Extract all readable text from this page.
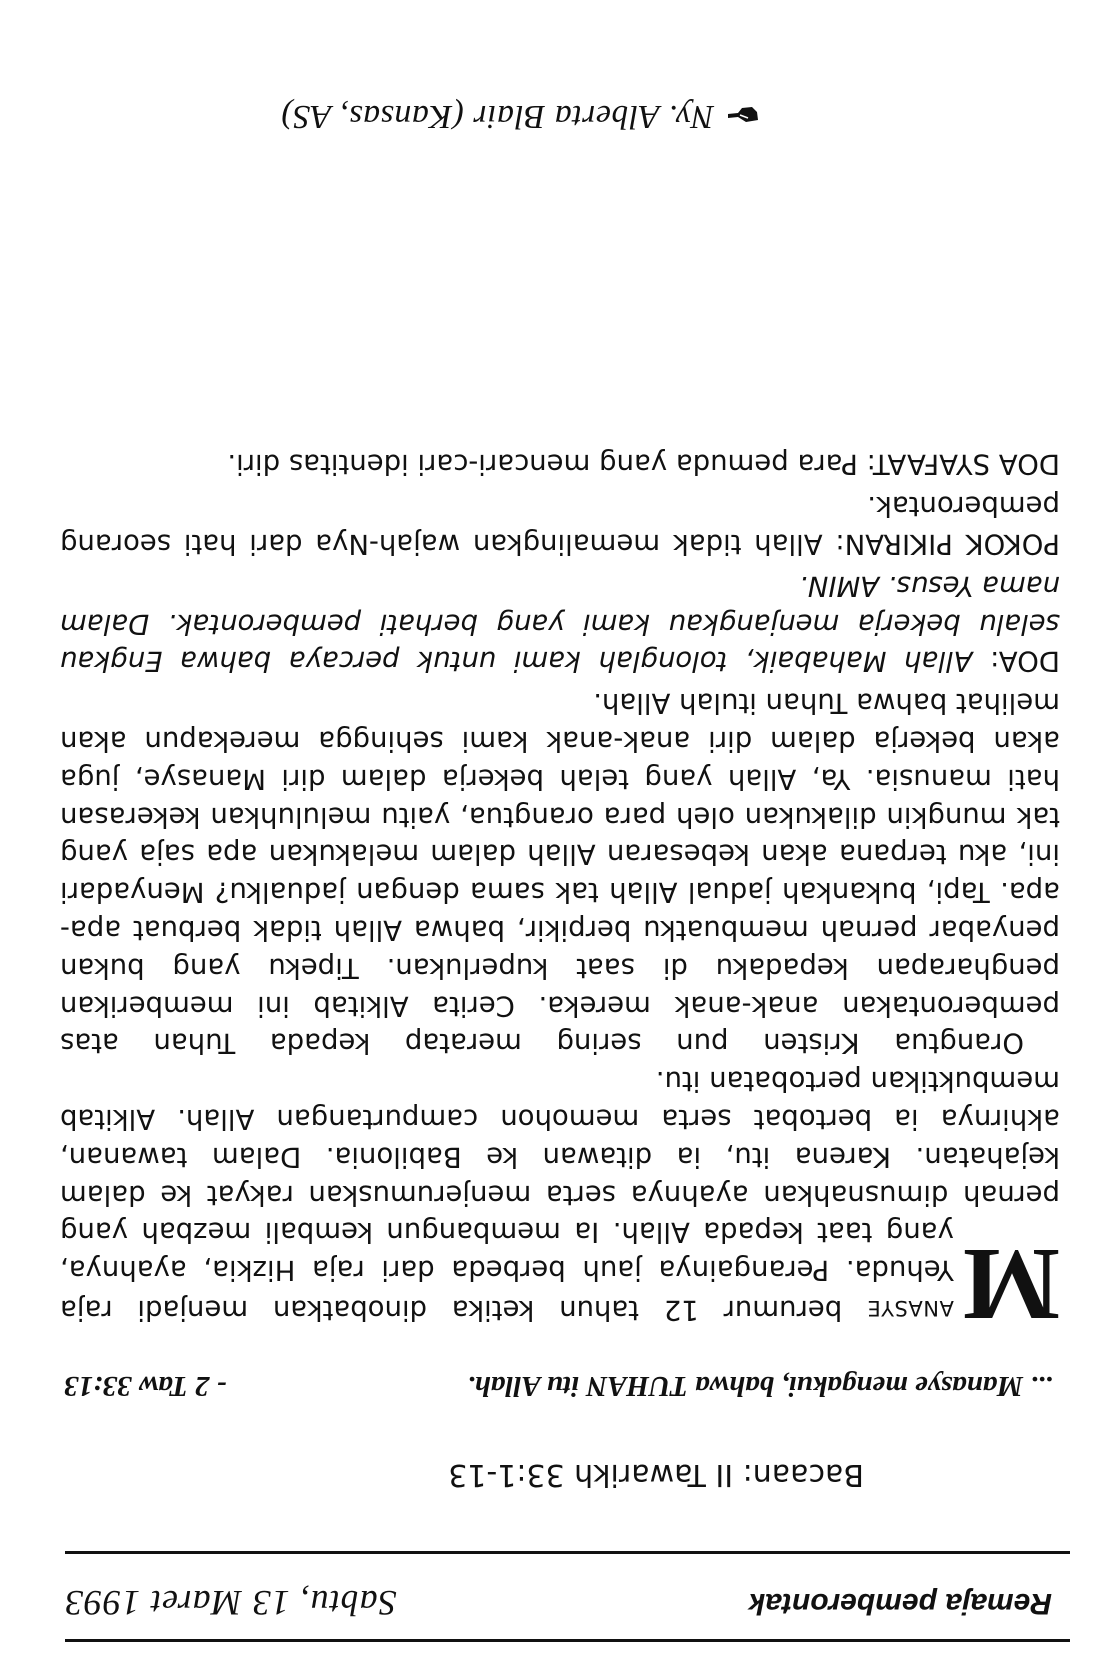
Remaja pemberontak
Sabtu, 13 Maret 1993
Bacaan: II Tawarikh 33:1-13
... Manasye mengakui, bahwa TUHAN itu Allah.
- 2 Taw 33:13

M
ANASYE berumur 12 tahun ketika dinobatkan menjadi raja Yehuda. Perangainya jauh berbeda dari raja Hizkia, ayahnya, yang taat kepada Allah. Ia membangun kembali mezbah yang pernah dimusnahkan ayahnya serta menjerumuskan rakyat ke dalam kejahatan. Karena itu, ia ditawan ke Babilonia. Dalam tawanan, akhirnya ia bertobat serta memohon campurtangan Allah. Alkitab membuktikan pertobatan itu.

Orangtua Kristen pun sering meratap kepada Tuhan atas pemberontakan anak-anak mereka. Cerita Alkitab ini memberikan pengharapan kepadaku di saat kuperlukan. Tipeku yang bukan penyabar pernah membuatku berpikir, bahwa Allah tidak berbuat apa-apa. Tapi, bukankah jadual Allah tak sama dengan jadualku? Menyadari ini, aku terpana akan kebesaran Allah dalam melakukan apa saja yang tak mungkin dilakukan oleh para orangtua, yaitu meluluhkan kekerasan hati manusia. Ya, Allah yang telah bekerja dalam diri Manasye, juga akan bekerja dalam diri anak-anak kami sehingga merekapun akan melihat bahwa Tuhan itulah Allah.

DOA: Allah Mahabaik, tolonglah kami untuk percaya bahwa Engkau selalu bekerja menjangkau kami yang berhati pemberontak. Dalam nama Yesus. AMIN.

POKOK PIKIRAN: Allah tidak memalingkan wajah-Nya dari hati seorang pemberontak.

DOA SYAFAAT: Para pemuda yang mencari-cari identitas diri.

Ny. Alberta Blair (Kansas, AS)
